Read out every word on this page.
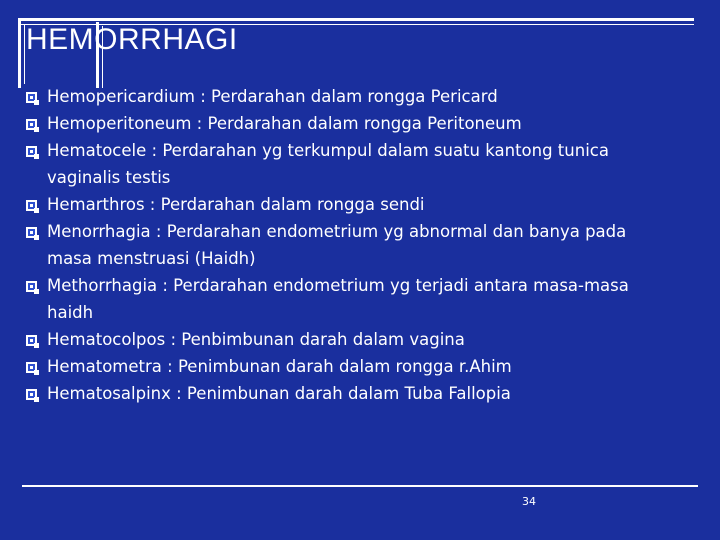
HEMORRHAGI
Hemopericardium : Perdarahan dalam rongga Pericard
Hemoperitoneum : Perdarahan dalam rongga Peritoneum
Hematocele : Perdarahan yg terkumpul dalam suatu kantong tunica
vaginalis testis
Hemarthros : Perdarahan dalam rongga sendi
Menorrhagia : Perdarahan endometrium yg abnormal dan banya pada
masa menstruasi (Haidh)
Methorrhagia : Perdarahan endometrium yg terjadi antara masa-masa
haidh
Hematocolpos : Penbimbunan darah dalam vagina
Hematometra : Penimbunan darah dalam rongga r.Ahim
Hematosalpinx : Penimbunan darah dalam Tuba Fallopia
34
